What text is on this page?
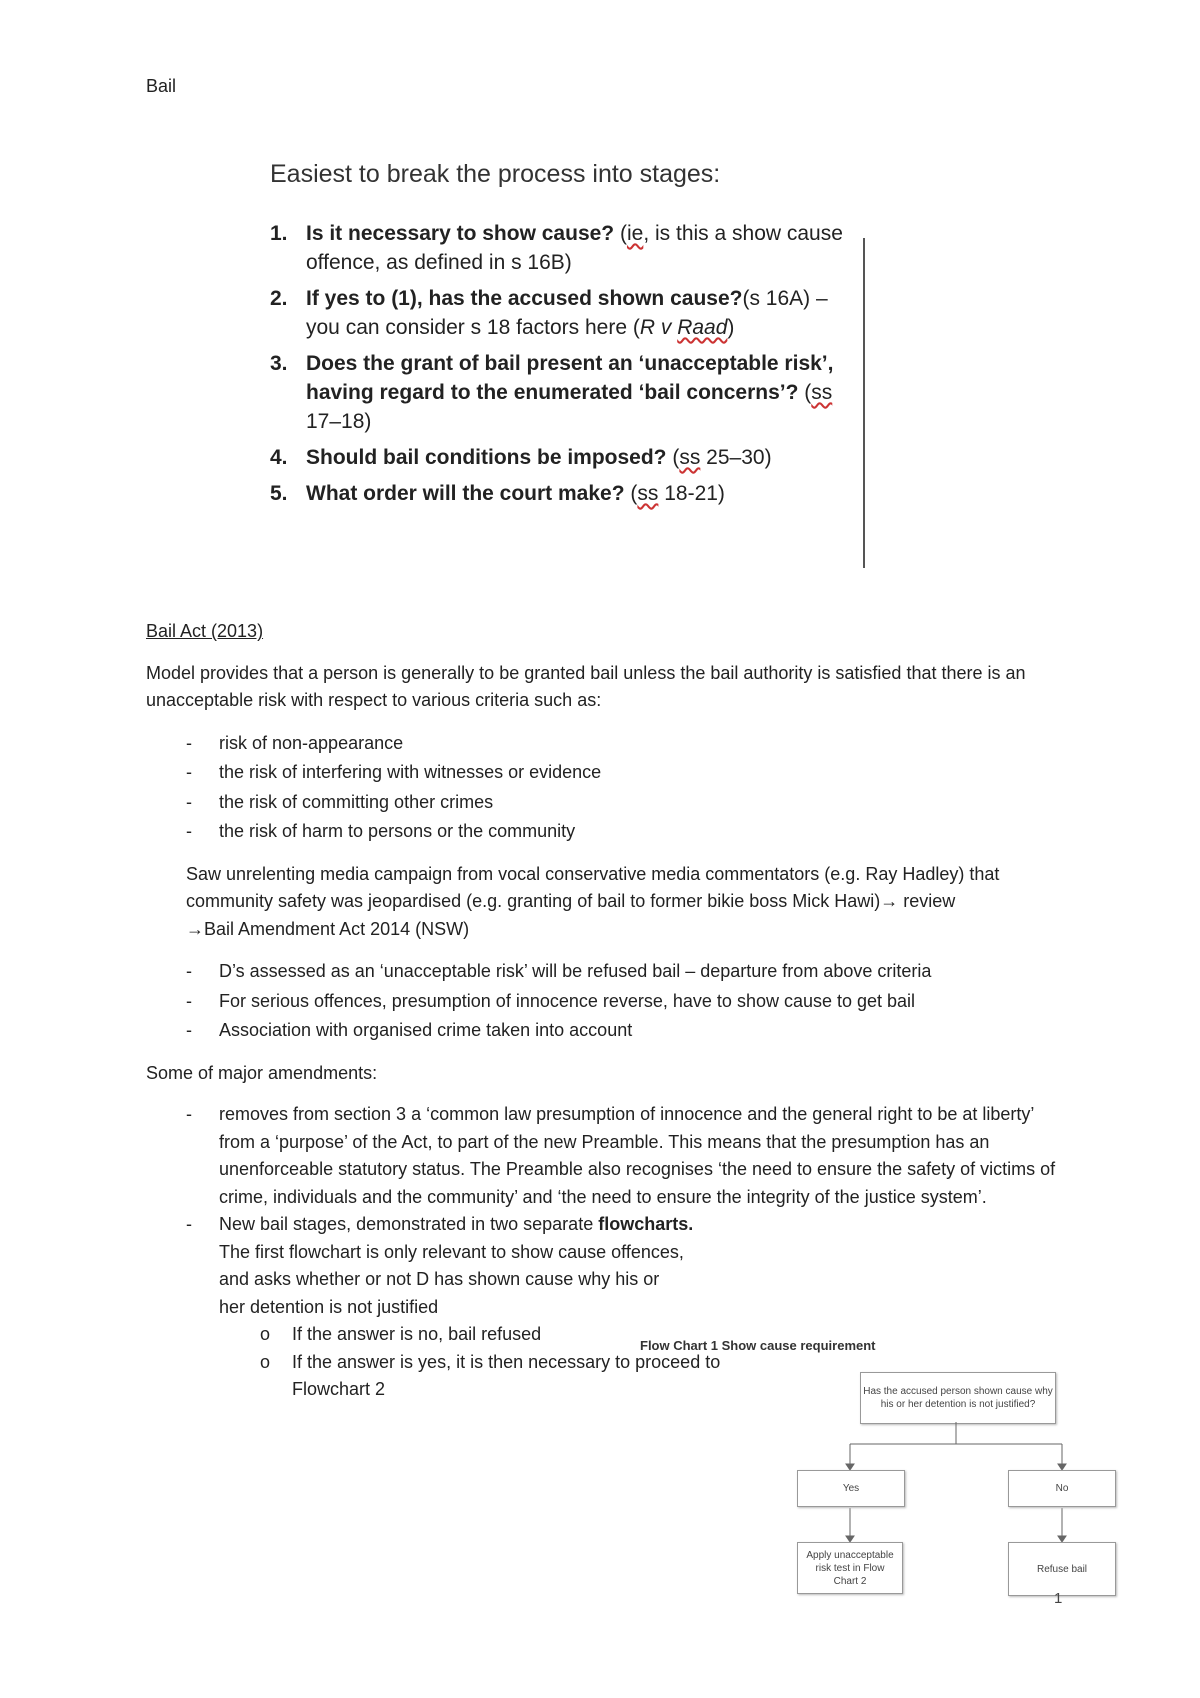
Bail
Easiest to break the process into stages:
1. Is it necessary to show cause? (ie, is this a show cause offence, as defined in s 16B)
2. If yes to (1), has the accused shown cause?(s 16A) – you can consider s 18 factors here (R v Raad)
3. Does the grant of bail present an ‘unacceptable risk’, having regard to the enumerated ‘bail concerns’? (ss 17–18)
4. Should bail conditions be imposed? (ss 25–30)
5. What order will the court make? (ss 18-21)
Bail Act (2013)
Model provides that a person is generally to be granted bail unless the bail authority is satisfied that there is an unacceptable risk with respect to various criteria such as:
- risk of non-appearance
- the risk of interfering with witnesses or evidence
- the risk of committing other crimes
- the risk of harm to persons or the community
Saw unrelenting media campaign from vocal conservative media commentators (e.g. Ray Hadley) that community safety was jeopardised (e.g. granting of bail to former bikie boss Mick Hawi)→ review
→Bail Amendment Act 2014 (NSW)
- D’s assessed as an ‘unacceptable risk’ will be refused bail – departure from above criteria
- For serious offences, presumption of innocence reverse, have to show cause to get bail
- Association with organised crime taken into account
Some of major amendments:
- removes from section 3 a ‘common law presumption of innocence and the general right to be at liberty’ from a ‘purpose’ of the Act, to part of the new Preamble. This means that the presumption has an unenforceable statutory status. The Preamble also recognises ‘the need to ensure the safety of victims of crime, individuals and the community’ and ‘the need to ensure the integrity of the justice system’.
- New bail stages, demonstrated in two separate flowcharts.
The first flowchart is only relevant to show cause offences, and asks whether or not D has shown cause why his or her detention is not justified
o If the answer is no, bail refused
o If the answer is yes, it is then necessary to proceed to Flowchart 2
Flow Chart 1 Show cause requirement
Has the accused person shown cause why his or her detention is not justified?
Yes	No
Apply unacceptable risk test in Flow Chart 2
Refuse bail
1
